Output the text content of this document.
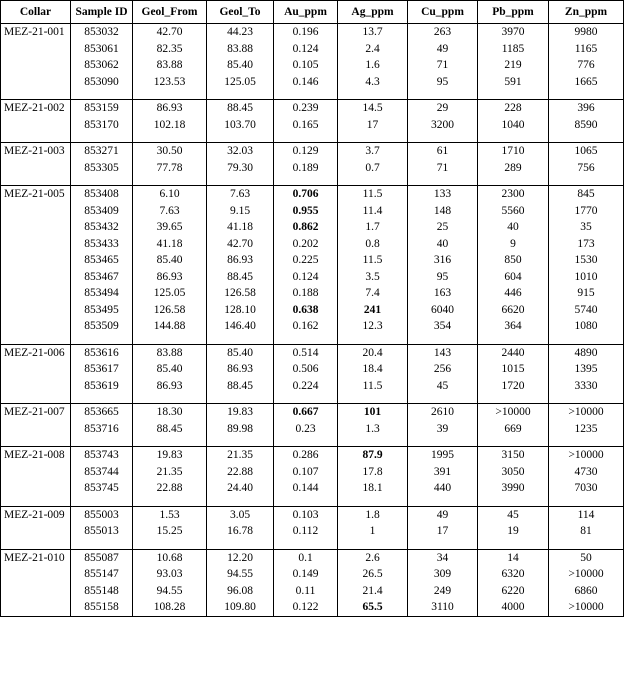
Collar	Sample ID	Geol_From	Geol_To	Au_ppm	Ag_ppm	Cu_ppm	Pb_ppm	Zn_ppm
MEZ-21-001	853032	42.70	44.23	0.196	13.7	263	3970	9980
	853061	82.35	83.88	0.124	2.4	49	1185	1165
	853062	83.88	85.40	0.105	1.6	71	219	776
	853090	123.53	125.05	0.146	4.3	95	591	1665

MEZ-21-002	853159	86.93	88.45	0.239	14.5	29	228	396
	853170	102.18	103.70	0.165	17	3200	1040	8590

MEZ-21-003	853271	30.50	32.03	0.129	3.7	61	1710	1065
	853305	77.78	79.30	0.189	0.7	71	289	756

MEZ-21-005	853408	6.10	7.63	0.706	11.5	133	2300	845
	853409	7.63	9.15	0.955	11.4	148	5560	1770
	853432	39.65	41.18	0.862	1.7	25	40	35
	853433	41.18	42.70	0.202	0.8	40	9	173
	853465	85.40	86.93	0.225	11.5	316	850	1530
	853467	86.93	88.45	0.124	3.5	95	604	1010
	853494	125.05	126.58	0.188	7.4	163	446	915
	853495	126.58	128.10	0.638	241	6040	6620	5740
	853509	144.88	146.40	0.162	12.3	354	364	1080

MEZ-21-006	853616	83.88	85.40	0.514	20.4	143	2440	4890
	853617	85.40	86.93	0.506	18.4	256	1015	1395
	853619	86.93	88.45	0.224	11.5	45	1720	3330

MEZ-21-007	853665	18.30	19.83	0.667	101	2610	>10000	>10000
	853716	88.45	89.98	0.23	1.3	39	669	1235

MEZ-21-008	853743	19.83	21.35	0.286	87.9	1995	3150	>10000
	853744	21.35	22.88	0.107	17.8	391	3050	4730
	853745	22.88	24.40	0.144	18.1	440	3990	7030

MEZ-21-009	855003	1.53	3.05	0.103	1.8	49	45	114
	855013	15.25	16.78	0.112	1	17	19	81

MEZ-21-010	855087	10.68	12.20	0.1	2.6	34	14	50
	855147	93.03	94.55	0.149	26.5	309	6320	>10000
	855148	94.55	96.08	0.11	21.4	249	6220	6860
	855158	108.28	109.80	0.122	65.5	3110	4000	>10000
